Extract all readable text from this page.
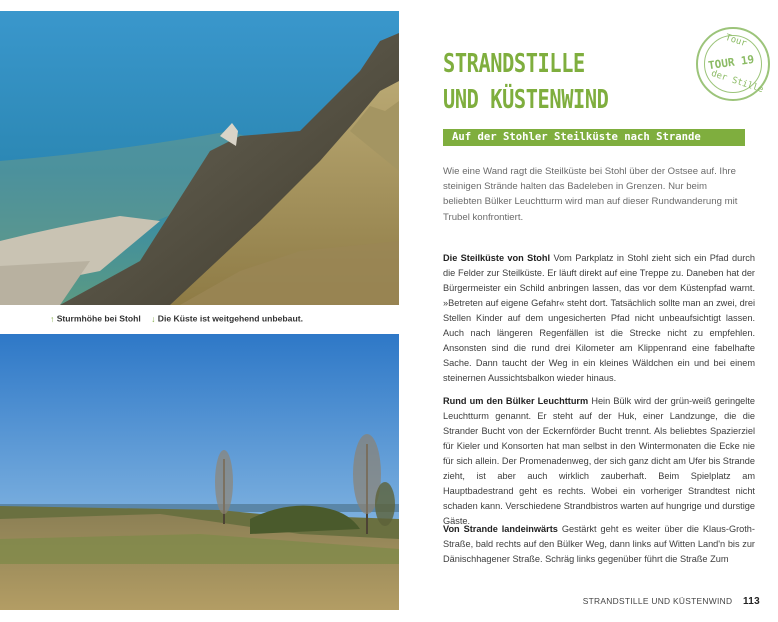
↑ Sturmhöhe bei Stohl ↓ Die Küste ist weitgehend unbebaut.
Tour
TOUR 19
der Stille
STRANDSTILLE UND KÜSTENWIND
Auf der Stohler Steilküste nach Strande
Wie eine Wand ragt die Steilküste bei Stohl über der Ostsee auf. Ihre steinigen Strände halten das Badeleben in Grenzen. Nur beim beliebten Bülker Leuchtturm wird man auf dieser Rundwanderung mit Trubel konfrontiert.
Die Steilküste von Stohl Vom Parkplatz in Stohl zieht sich ein Pfad durch die Felder zur Steilküste. Er läuft direkt auf eine Treppe zu. Daneben hat der Bürgermeister ein Schild anbringen lassen, das vor dem Küstenpfad warnt. »Betreten auf eigene Gefahr« steht dort. Tatsächlich sollte man an zwei, drei Stellen Kinder auf dem ungesicherten Pfad nicht unbeaufsichtigt lassen. Auch nach längeren Regenfällen ist die Strecke nicht zu empfehlen. Ansonsten sind die rund drei Kilometer am Klippenrand eine fabelhafte Sache. Dann taucht der Weg in ein kleines Wäldchen ein und bei einem steinernen Aussichtsbalkon wieder hinaus.
Rund um den Bülker Leuchtturm Hein Bülk wird der grün-weiß geringelte Leuchtturm genannt. Er steht auf der Huk, einer Landzunge, die die Strander Bucht von der Eckernförder Bucht trennt. Als beliebtes Spazierziel für Kieler und Konsorten hat man selbst in den Wintermonaten die Ecke nie für sich allein. Der Promenadenweg, der sich ganz dicht am Ufer bis Strande zieht, ist aber auch wirklich zauberhaft. Beim Spielplatz am Hauptbadestrand geht es rechts. Wobei ein vorheriger Strandtest nicht schaden kann. Verschiedene Strandbistros warten auf hungrige und durstige Gäste.
Von Strande landeinwärts Gestärkt geht es weiter über die Klaus-Groth-Straße, bald rechts auf den Bülker Weg, dann links auf Witten Land'n bis zur Dänischhagener Straße. Schräg links gegenüber führt die Straße Zum
STRANDSTILLE UND KÜSTENWIND 113
